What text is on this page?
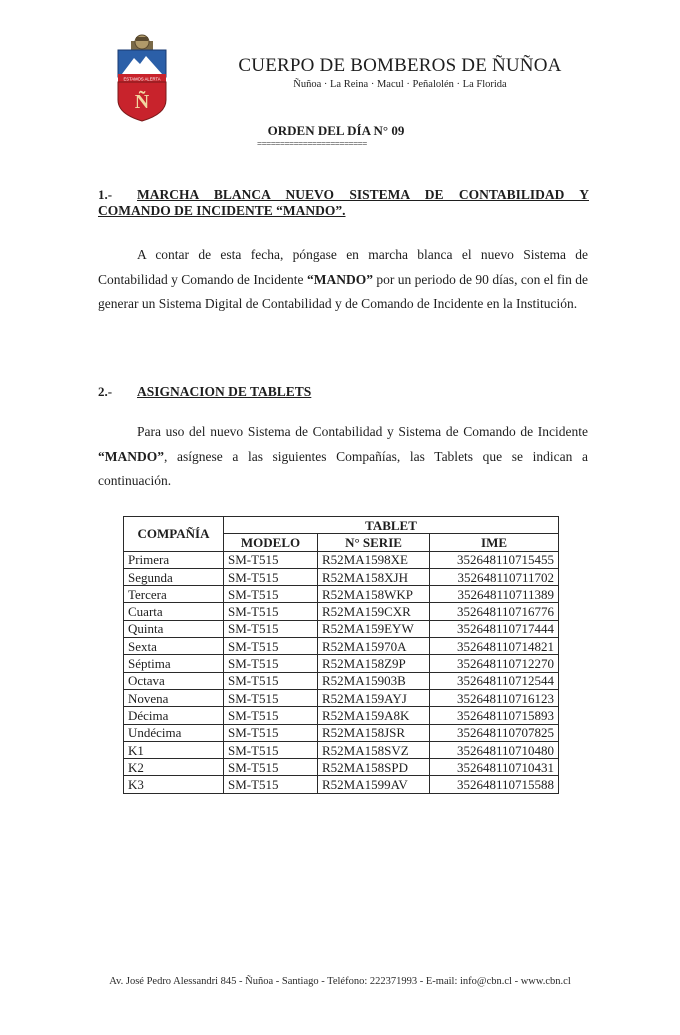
ESTAMOS ALERTA
Ñ
CUERPO DE BOMBEROS DE ÑUÑOA
Ñuñoa · La Reina · Macul · Peñalolén · La Florida
ORDEN DEL DÍA N° 09
========================
1.- MARCHA BLANCA NUEVO SISTEMA DE CONTABILIDAD Y
COMANDO DE INCIDENTE “MANDO”.

A contar de esta fecha, póngase en marcha blanca el nuevo Sistema de Contabilidad y Comando de Incidente “MANDO” por un periodo de 90 días, con el fin de generar un Sistema Digital de Contabilidad y de Comando de Incidente en la Institución.

2.- ASIGNACION DE TABLETS

Para uso del nuevo Sistema de Contabilidad y Sistema de Comando de Incidente “MANDO”, asígnese a las siguientes Compañías, las Tablets que se indican a continuación.

COMPAÑÍA	TABLET		
	MODELO	N° SERIE	IME
Primera	SM-T515	R52MA1598XE	352648110715455
Segunda	SM-T515	R52MA158XJH	352648110711702
Tercera	SM-T515	R52MA158WKP	352648110711389
Cuarta	SM-T515	R52MA159CXR	352648110716776
Quinta	SM-T515	R52MA159EYW	352648110717444
Sexta	SM-T515	R52MA15970A	352648110714821
Séptima	SM-T515	R52MA158Z9P	352648110712270
Octava	SM-T515	R52MA15903B	352648110712544
Novena	SM-T515	R52MA159AYJ	352648110716123
Décima	SM-T515	R52MA159A8K	352648110715893
Undécima	SM-T515	R52MA158JSR	352648110707825
K1	SM-T515	R52MA158SVZ	352648110710480
K2	SM-T515	R52MA158SPD	352648110710431
K3	SM-T515	R52MA1599AV	352648110715588
Av. José Pedro Alessandri 845 - Ñuñoa - Santiago - Teléfono: 222371993 - E-mail: info@cbn.cl - www.cbn.cl
